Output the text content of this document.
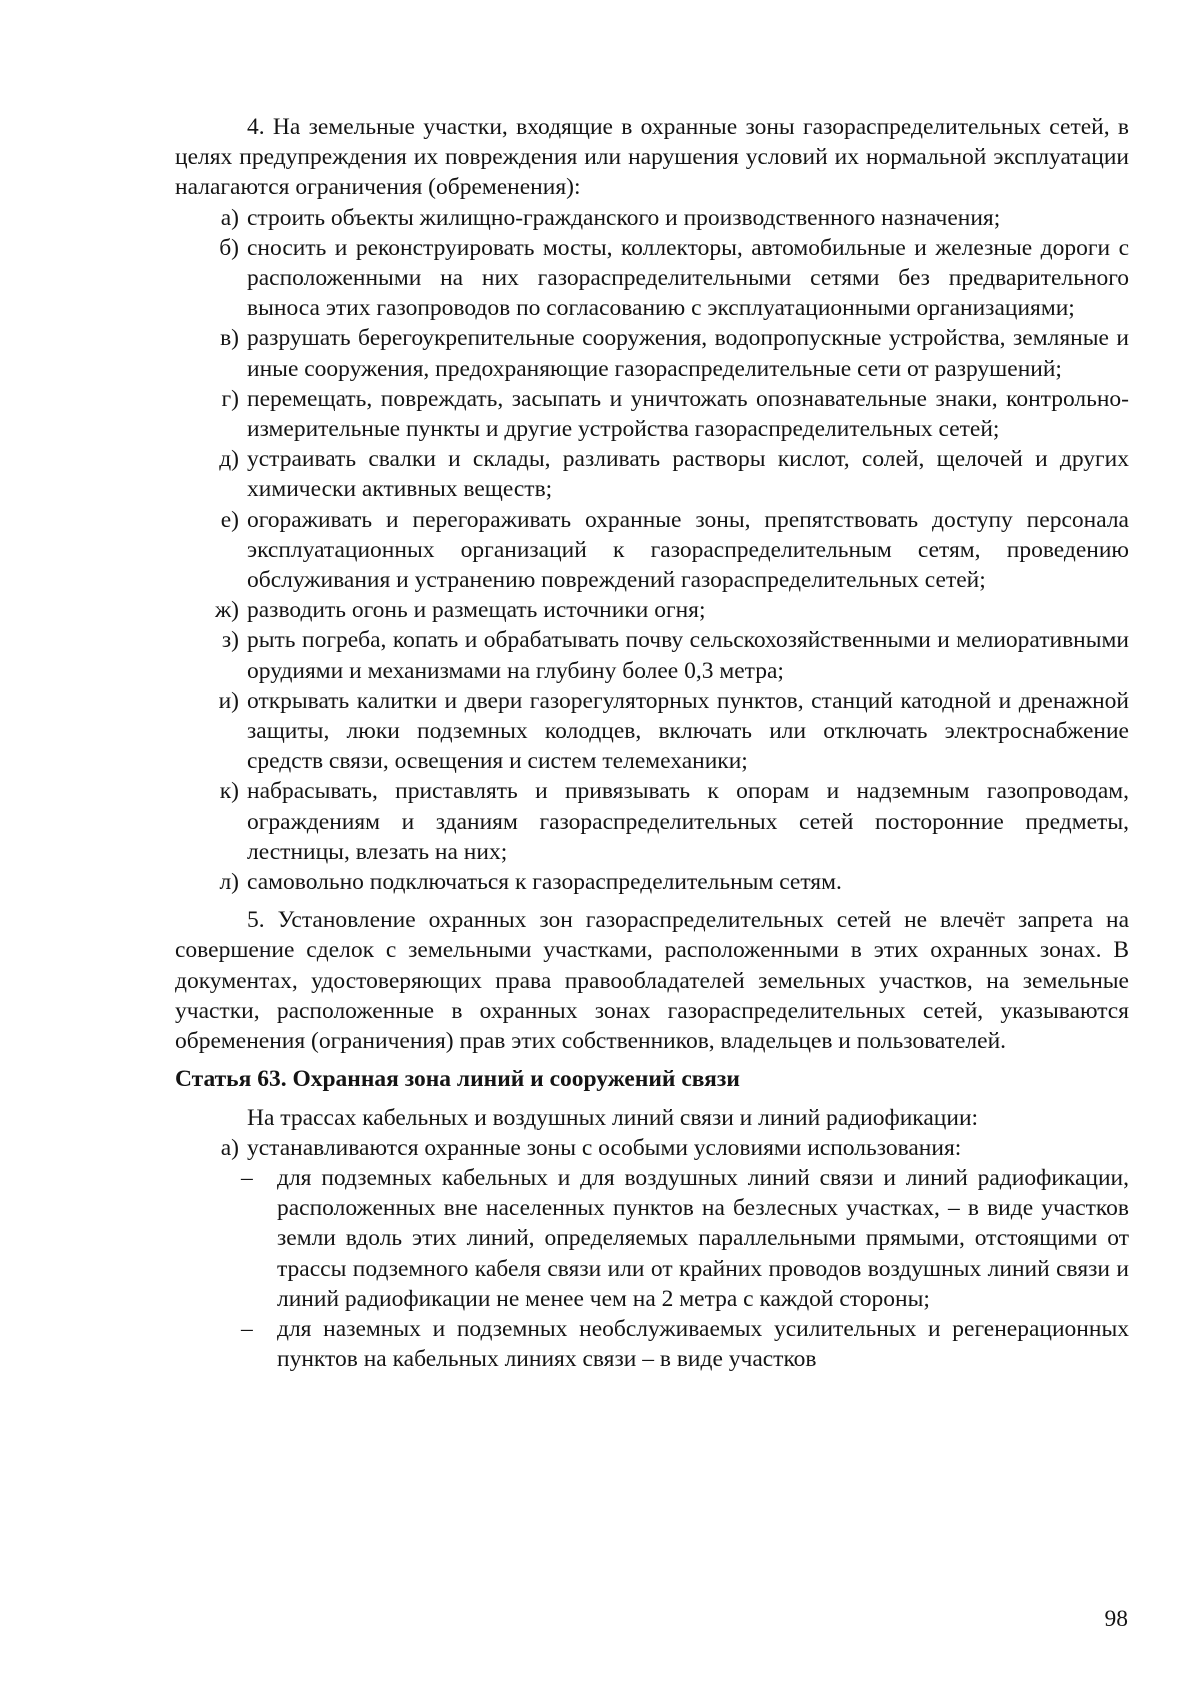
4. На земельные участки, входящие в охранные зоны газораспределительных сетей, в целях предупреждения их повреждения или нарушения условий их нормальной эксплуатации налагаются ограничения (обременения):

а) строить объекты жилищно-гражданского и производственного назначения;
б) сносить и реконструировать мосты, коллекторы, автомобильные и железные дороги с расположенными на них газораспределительными сетями без предварительного выноса этих газопроводов по согласованию с эксплуатационными организациями;
в) разрушать берегоукрепительные сооружения, водопропускные устройства, земляные и иные сооружения, предохраняющие газораспределительные сети от разрушений;
г) перемещать, повреждать, засыпать и уничтожать опознавательные знаки, контрольно-измерительные пункты и другие устройства газораспределительных сетей;
д) устраивать свалки и склады, разливать растворы кислот, солей, щелочей и других химически активных веществ;
е) огораживать и перегораживать охранные зоны, препятствовать доступу персонала эксплуатационных организаций к газораспределительным сетям, проведению обслуживания и устранению повреждений газораспределительных сетей;
ж) разводить огонь и размещать источники огня;
з) рыть погреба, копать и обрабатывать почву сельскохозяйственными и мелиоративными орудиями и механизмами на глубину более 0,3 метра;
и) открывать калитки и двери газорегуляторных пунктов, станций катодной и дренажной защиты, люки подземных колодцев, включать или отключать электроснабжение средств связи, освещения и систем телемеханики;
к) набрасывать, приставлять и привязывать к опорам и надземным газопроводам, ограждениям и зданиям газораспределительных сетей посторонние предметы, лестницы, влезать на них;
л) самовольно подключаться к газораспределительным сетям.

5. Установление охранных зон газораспределительных сетей не влечёт запрета на совершение сделок с земельными участками, расположенными в этих охранных зонах. В документах, удостоверяющих права правообладателей земельных участков, на земельные участки, расположенные в охранных зонах газораспределительных сетей, указываются обременения (ограничения) прав этих собственников, владельцев и пользователей.

Статья 63. Охранная зона линий и сооружений связи

На трассах кабельных и воздушных линий связи и линий радиофикации:

а) устанавливаются охранные зоны с особыми условиями использования:
–	для подземных кабельных и для воздушных линий связи и линий радиофикации, расположенных вне населенных пунктов на безлесных участках, – в виде участков земли вдоль этих линий, определяемых параллельными прямыми, отстоящими от трассы подземного кабеля связи или от крайних проводов воздушных линий связи и линий радиофикации не менее чем на 2 метра с каждой стороны;
–	для наземных и подземных необслуживаемых усилительных и регенерационных пунктов на кабельных линиях связи – в виде участков
98
